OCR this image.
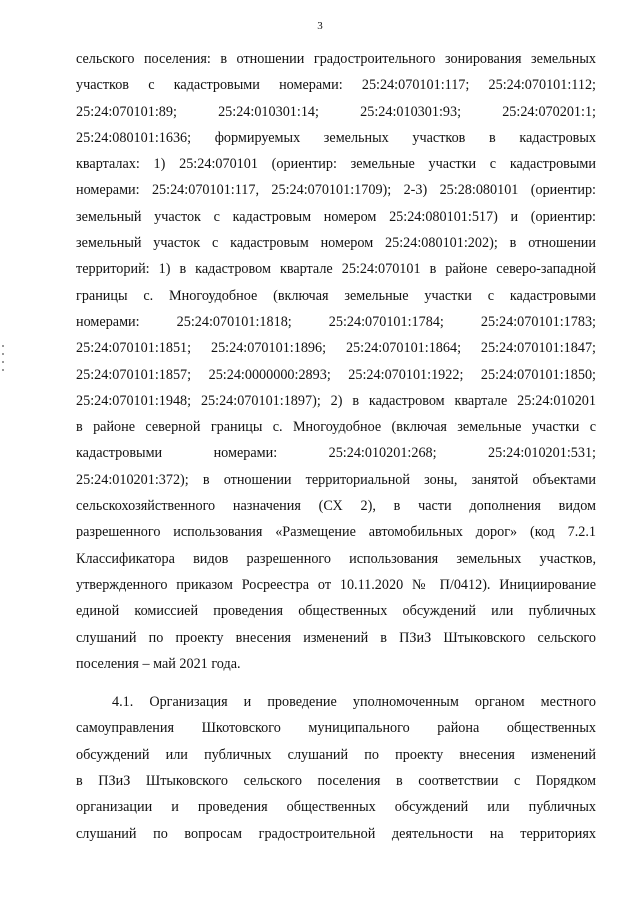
3

сельского поселения: в отношении градостроительного зонирования земельных
участков с кадастровыми номерами: 25:24:070101:117; 25:24:070101:112;
25:24:070101:89; 25:24:010301:14; 25:24:010301:93; 25:24:070201:1;
25:24:080101:1636; формируемых земельных участков в кадастровых
кварталах: 1) 25:24:070101 (ориентир: земельные участки с кадастровыми
номерами: 25:24:070101:117, 25:24:070101:1709); 2-3) 25:28:080101 (ориентир:
земельный участок с кадастровым номером 25:24:080101:517) и (ориентир:
земельный участок с кадастровым номером 25:24:080101:202); в отношении
территорий: 1) в кадастровом квартале 25:24:070101 в районе северо-западной
границы с. Многоудобное (включая земельные участки с кадастровыми
номерами: 25:24:070101:1818; 25:24:070101:1784; 25:24:070101:1783;
25:24:070101:1851; 25:24:070101:1896; 25:24:070101:1864; 25:24:070101:1847;
25:24:070101:1857; 25:24:0000000:2893; 25:24:070101:1922; 25:24:070101:1850;
25:24:070101:1948; 25:24:070101:1897); 2) в кадастровом квартале 25:24:010201
в районе северной границы с. Многоудобное (включая земельные участки с
кадастровыми номерами: 25:24:010201:268; 25:24:010201:531;
25:24:010201:372); в отношении территориальной зоны, занятой объектами
сельскохозяйственного назначения (СХ 2), в части дополнения видом
разрешенного использования «Размещение автомобильных дорог» (код 7.2.1
Классификатора видов разрешенного использования земельных участков,
утвержденного приказом Росреестра от 10.11.2020 № П/0412). Инициирование
единой комиссией проведения общественных обсуждений или публичных
слушаний по проекту внесения изменений в ПЗиЗ Штыковского сельского
поселения – май 2021 года.

4.1. Организация и проведение уполномоченным органом местного
самоуправления Шкотовского муниципального района общественных
обсуждений или публичных слушаний по проекту внесения изменений
в ПЗиЗ Штыковского сельского поселения в соответствии с Порядком
организации и проведения общественных обсуждений или публичных
слушаний по вопросам градостроительной деятельности на территориях
